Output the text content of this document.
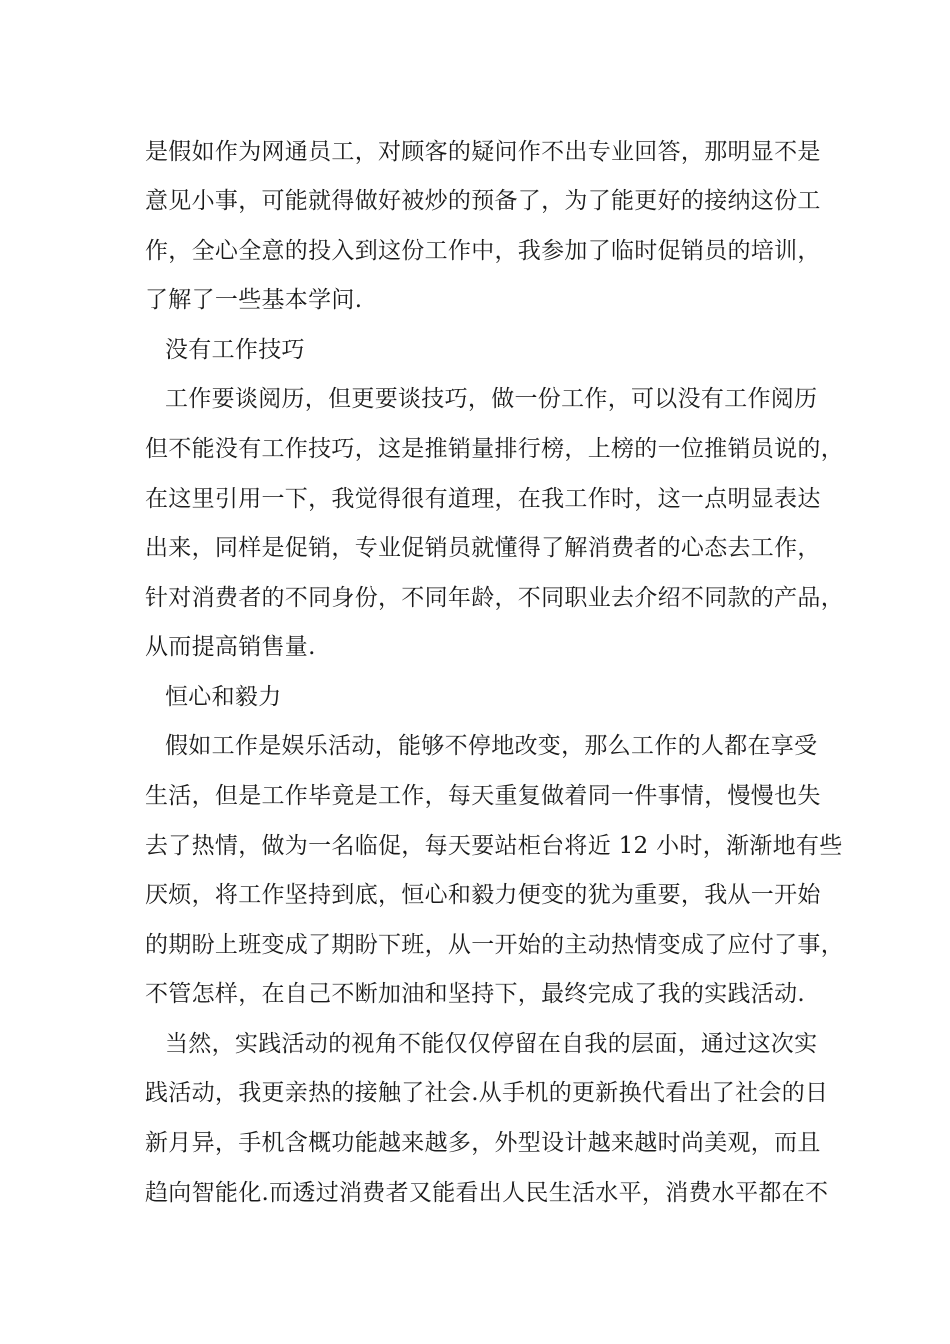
是假如作为网通员工，对顾客的疑问作不出专业回答，那明显不是
意见小事，可能就得做好被炒的预备了，为了能更好的接纳这份工
作，全心全意的投入到这份工作中，我参加了临时促销员的培训，
了解了一些基本学问.
没有工作技巧
工作要谈阅历，但更要谈技巧，做一份工作，可以没有工作阅历
但不能没有工作技巧，这是推销量排行榜，上榜的一位推销员说的，
在这里引用一下，我觉得很有道理，在我工作时，这一点明显表达
出来，同样是促销，专业促销员就懂得了解消费者的心态去工作，
针对消费者的不同身份，不同年龄，不同职业去介绍不同款的产品，
从而提高销售量.
恒心和毅力
假如工作是娱乐活动，能够不停地改变，那么工作的人都在享受
生活，但是工作毕竟是工作，每天重复做着同一件事情，慢慢也失
去了热情，做为一名临促，每天要站柜台将近 12 小时，渐渐地有些
厌烦，将工作坚持到底，恒心和毅力便变的犹为重要，我从一开始
的期盼上班变成了期盼下班，从一开始的主动热情变成了应付了事，
不管怎样，在自己不断加油和坚持下，最终完成了我的实践活动.
当然，实践活动的视角不能仅仅停留在自我的层面，通过这次实
践活动，我更亲热的接触了社会.从手机的更新换代看出了社会的日
新月异，手机含概功能越来越多，外型设计越来越时尚美观，而且
趋向智能化.而透过消费者又能看出人民生活水平，消费水平都在不
